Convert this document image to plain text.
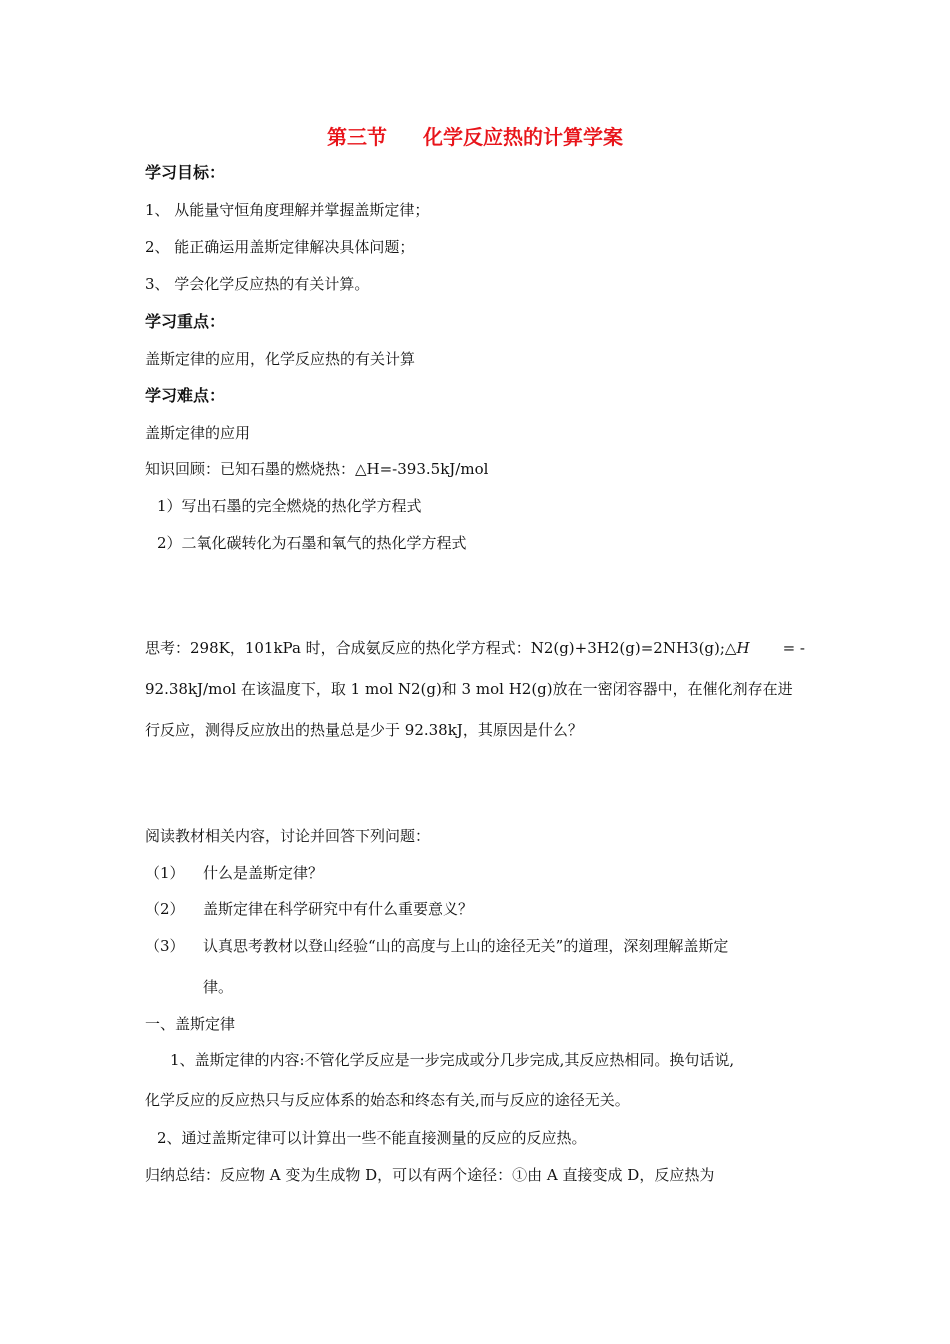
第三节 化学反应热的计算学案
学习目标：
1、 从能量守恒角度理解并掌握盖斯定律；
2、 能正确运用盖斯定律解决具体问题；
3、 学会化学反应热的有关计算。
学习重点：
盖斯定律的应用，化学反应热的有关计算
学习难点：
盖斯定律的应用
知识回顾：已知石墨的燃烧热：△H=-393.5kJ/mol
1）写出石墨的完全燃烧的热化学方程式
2）二氧化碳转化为石墨和氧气的热化学方程式
思考：298K，101kPa 时，合成氨反应的热化学方程式：N2(g)+3H2(g)=2NH3(g);△H = -
92.38kJ/mol 在该温度下，取 1 mol N2(g)和 3 mol H2(g)放在一密闭容器中，在催化剂存在进
行反应，测得反应放出的热量总是少于 92.38kJ，其原因是什么？
阅读教材相关内容，讨论并回答下列问题：
（1） 什么是盖斯定律？
（2） 盖斯定律在科学研究中有什么重要意义？
（3） 认真思考教材以登山经验“山的高度与上山的途径无关”的道理，深刻理解盖斯定
律。
一、盖斯定律
1、盖斯定律的内容:不管化学反应是一步完成或分几步完成,其反应热相同。换句话说,
化学反应的反应热只与反应体系的始态和终态有关,而与反应的途径无关。
2、通过盖斯定律可以计算出一些不能直接测量的反应的反应热。
归纳总结：反应物 A 变为生成物 D，可以有两个途径：①由 A 直接变成 D，反应热为
